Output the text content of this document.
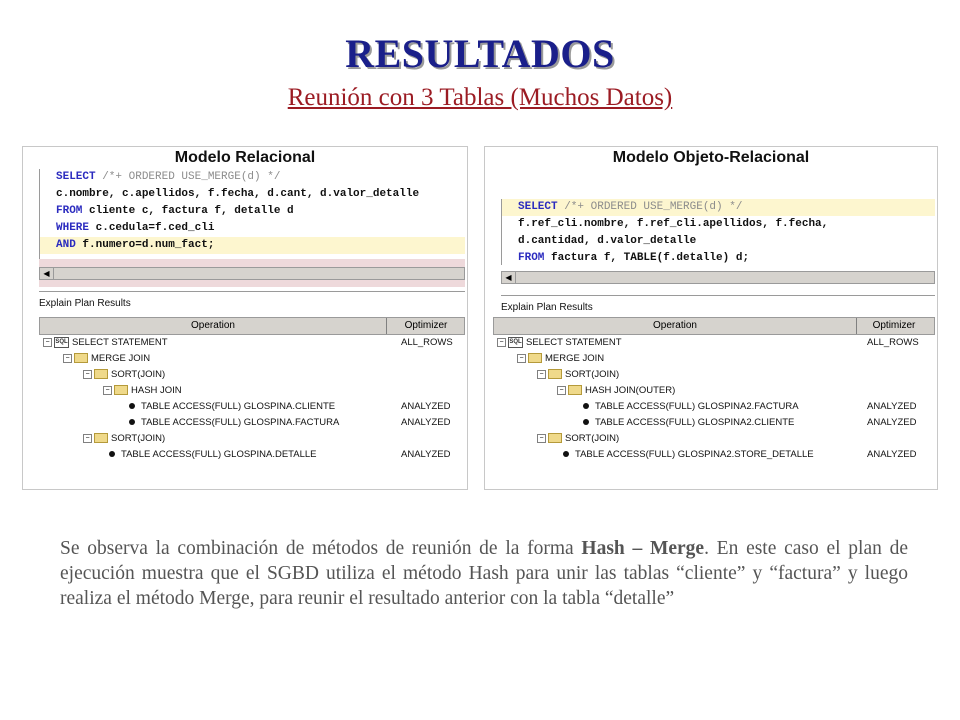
RESULTADOS
Reunión con 3 Tablas (Muchos Datos)
Modelo Relacional
SELECT /*+ ORDERED USE_MERGE(d) */
c.nombre, c.apellidos, f.fecha, d.cant, d.valor_detalle
FROM cliente c, factura f, detalle d
WHERE c.cedula=f.ced_cli
AND f.numero=d.num_fact;
◀
Explain Plan Results
Operation	Optimizer
− SQL SELECT STATEMENT	ALL_ROWS
− MERGE JOIN
− SORT(JOIN)
− HASH JOIN
TABLE ACCESS(FULL) GLOSPINA.CLIENTE	ANALYZED
TABLE ACCESS(FULL) GLOSPINA.FACTURA	ANALYZED
− SORT(JOIN)
TABLE ACCESS(FULL) GLOSPINA.DETALLE	ANALYZED
Modelo Objeto-Relacional
SELECT /*+ ORDERED USE_MERGE(d) */
f.ref_cli.nombre, f.ref_cli.apellidos, f.fecha,
d.cantidad, d.valor_detalle
FROM factura f, TABLE(f.detalle) d;
◀
Explain Plan Results
Operation	Optimizer
− SQL SELECT STATEMENT	ALL_ROWS
− MERGE JOIN
− SORT(JOIN)
− HASH JOIN(OUTER)
TABLE ACCESS(FULL) GLOSPINA2.FACTURA	ANALYZED
TABLE ACCESS(FULL) GLOSPINA2.CLIENTE	ANALYZED
− SORT(JOIN)
TABLE ACCESS(FULL) GLOSPINA2.STORE_DETALLE	ANALYZED
Se observa la combinación de métodos de reunión de la forma Hash – Merge. En este caso el plan de ejecución muestra que el SGBD utiliza el método Hash para unir las tablas “cliente” y “factura” y luego realiza el método Merge, para reunir el resultado anterior con la tabla “detalle”
